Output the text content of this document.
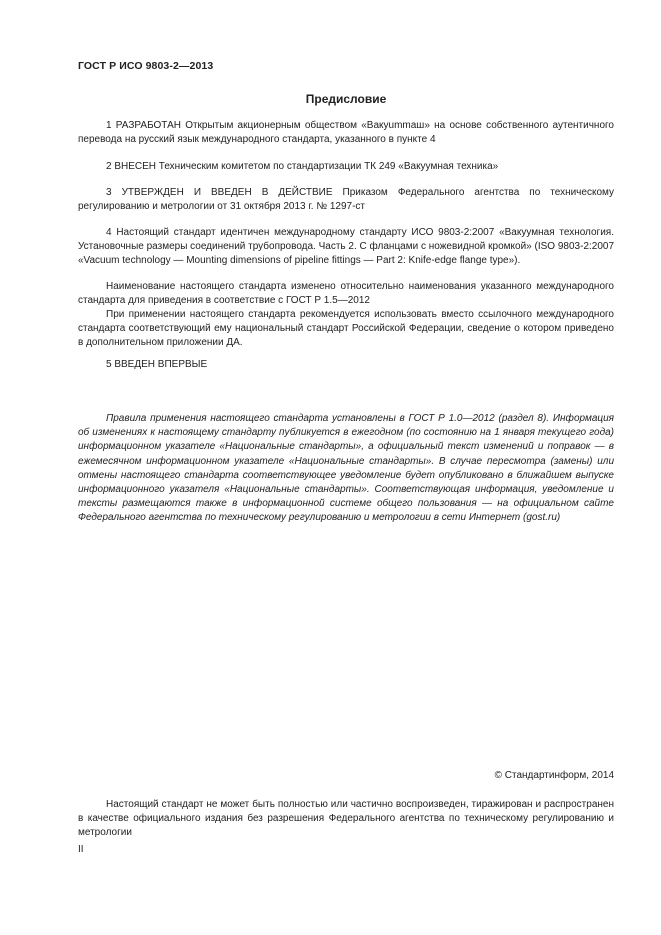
ГОСТ Р ИСО 9803-2—2013
Предисловие
1 РАЗРАБОТАН Открытым акционерным обществом «Вакуummаш» на основе собственного аутентичного перевода на русский язык международного стандарта, указанного в пункте 4
2 ВНЕСЕН Техническим комитетом по стандартизации ТК 249 «Вакуумная техника»
3 УТВЕРЖДЕН И ВВЕДЕН В ДЕЙСТВИЕ Приказом Федерального агентства по техническому регулированию и метрологии от 31 октября 2013 г. № 1297-ст
4 Настоящий стандарт идентичен международному стандарту ИСО 9803-2:2007 «Вакуумная технология. Установочные размеры соединений трубопровода. Часть 2. С фланцами с ножевидной кромкой» (ISO 9803-2:2007 «Vacuum technology — Mounting dimensions of pipeline fittings — Part 2: Knife-edge flange type»).
Наименование настоящего стандарта изменено относительно наименования указанного международного стандарта для приведения в соответствие с ГОСТ Р 1.5—2012
При применении настоящего стандарта рекомендуется использовать вместо ссылочного международного стандарта соответствующий ему национальный стандарт Российской Федерации, сведение о котором приведено в дополнительном приложении ДА.
5 ВВЕДЕН ВПЕРВЫЕ
Правила применения настоящего стандарта установлены в ГОСТ Р 1.0—2012 (раздел 8). Информация об изменениях к настоящему стандарту публикуется в ежегодном (по состоянию на 1 января текущего года) информационном указателе «Национальные стандарты», а официальный текст изменений и поправок — в ежемесячном информационном указателе «Национальные стандарты». В случае пересмотра (замены) или отмены настоящего стандарта соответствующее уведомление будет опубликовано в ближайшем выпуске информационного указателя «Национальные стандарты». Соответствующая информация, уведомление и тексты размещаются также в информационной системе общего пользования — на официальном сайте Федерального агентства по техническому регулированию и метрологии в сети Интернет (gost.ru)
© Стандартинформ, 2014
Настоящий стандарт не может быть полностью или частично воспроизведен, тиражирован и распространен в качестве официального издания без разрешения Федерального агентства по техническому регулированию и метрологии
II
